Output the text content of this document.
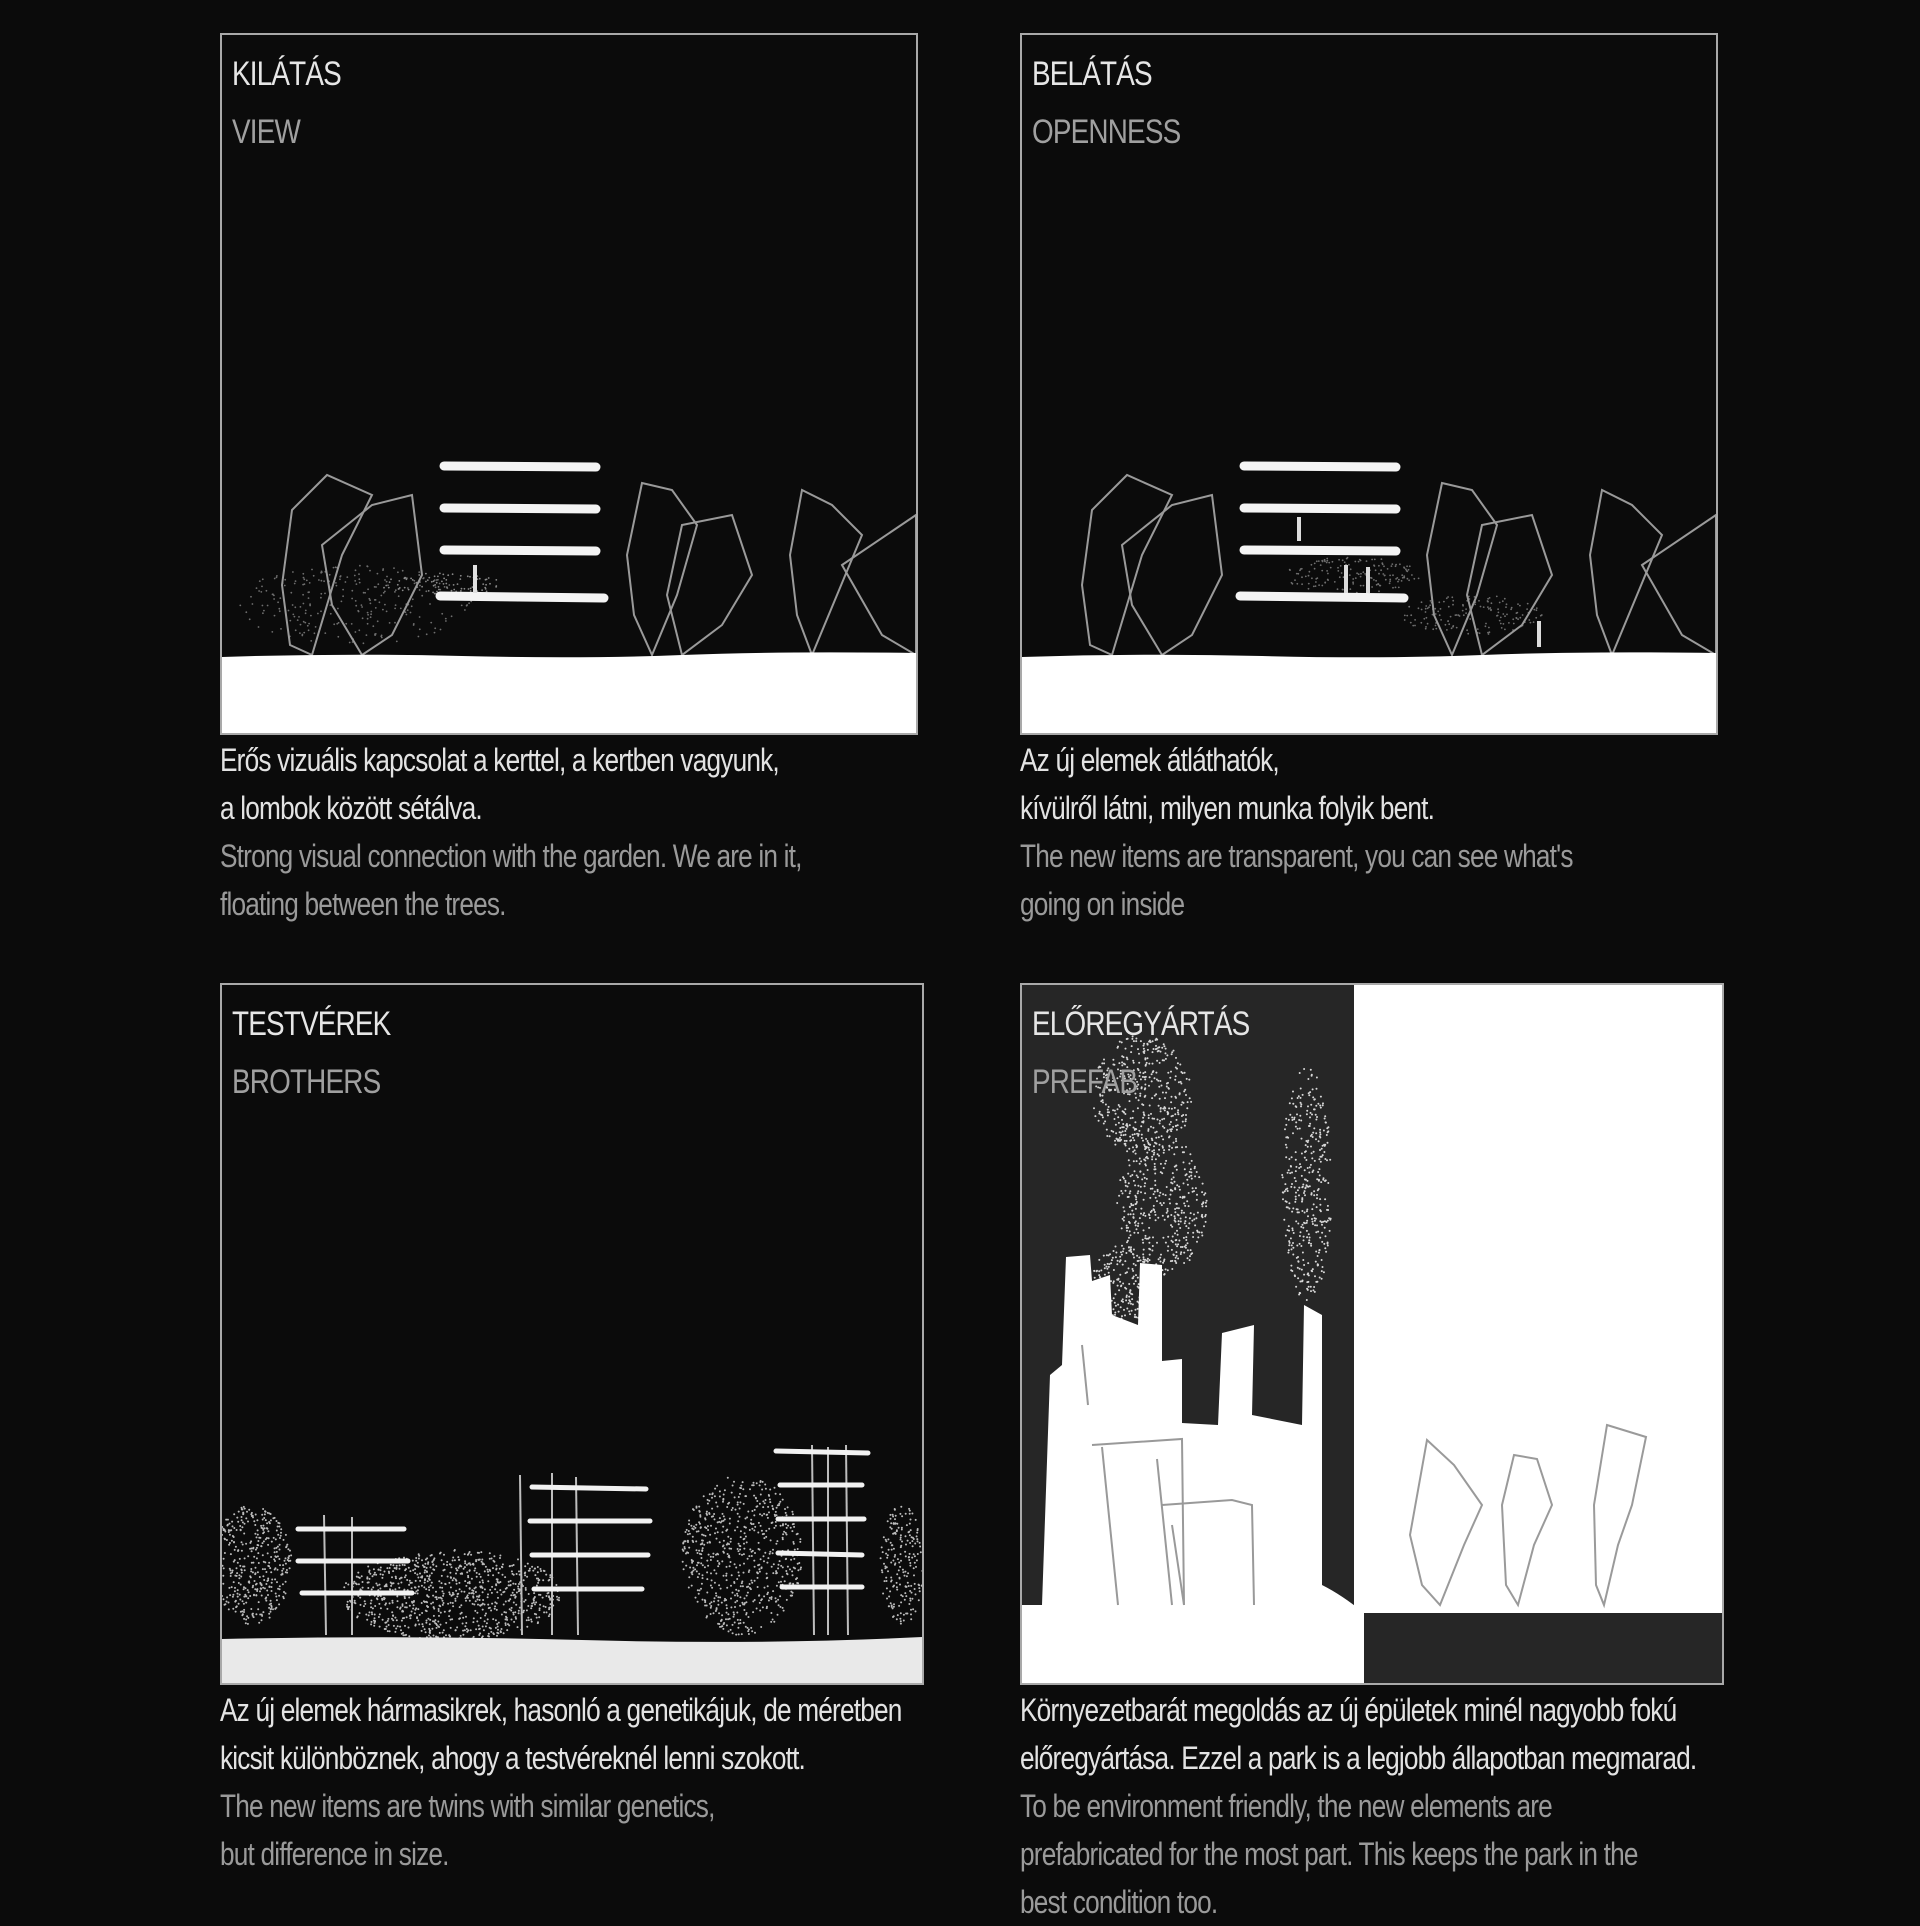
KILÁTÁS
VIEW
Erős vizuális kapcsolat a kerttel, a kertben vagyunk,
a lombok között sétálva.
Strong visual connection with the garden. We are in it,
floating between the trees.
BELÁTÁS
OPENNESS
Az új elemek átláthatók,
kívülről látni, milyen munka folyik bent.
The new items are transparent, you can see what's
going on inside
TESTVÉREK
BROTHERS
Az új elemek hármasikrek, hasonló a genetikájuk, de méretben
kicsit különböznek, ahogy a testvéreknél lenni szokott.
The new items are twins with similar genetics,
but difference in size.
ELŐREGYÁRTÁS
PREFAB
Környezetbarát megoldás az új épületek minél nagyobb fokú
előregyártása. Ezzel a park is a legjobb állapotban megmarad.
To be environment friendly, the new elements are
prefabricated for the most part. This keeps the park in the
best condition too.
